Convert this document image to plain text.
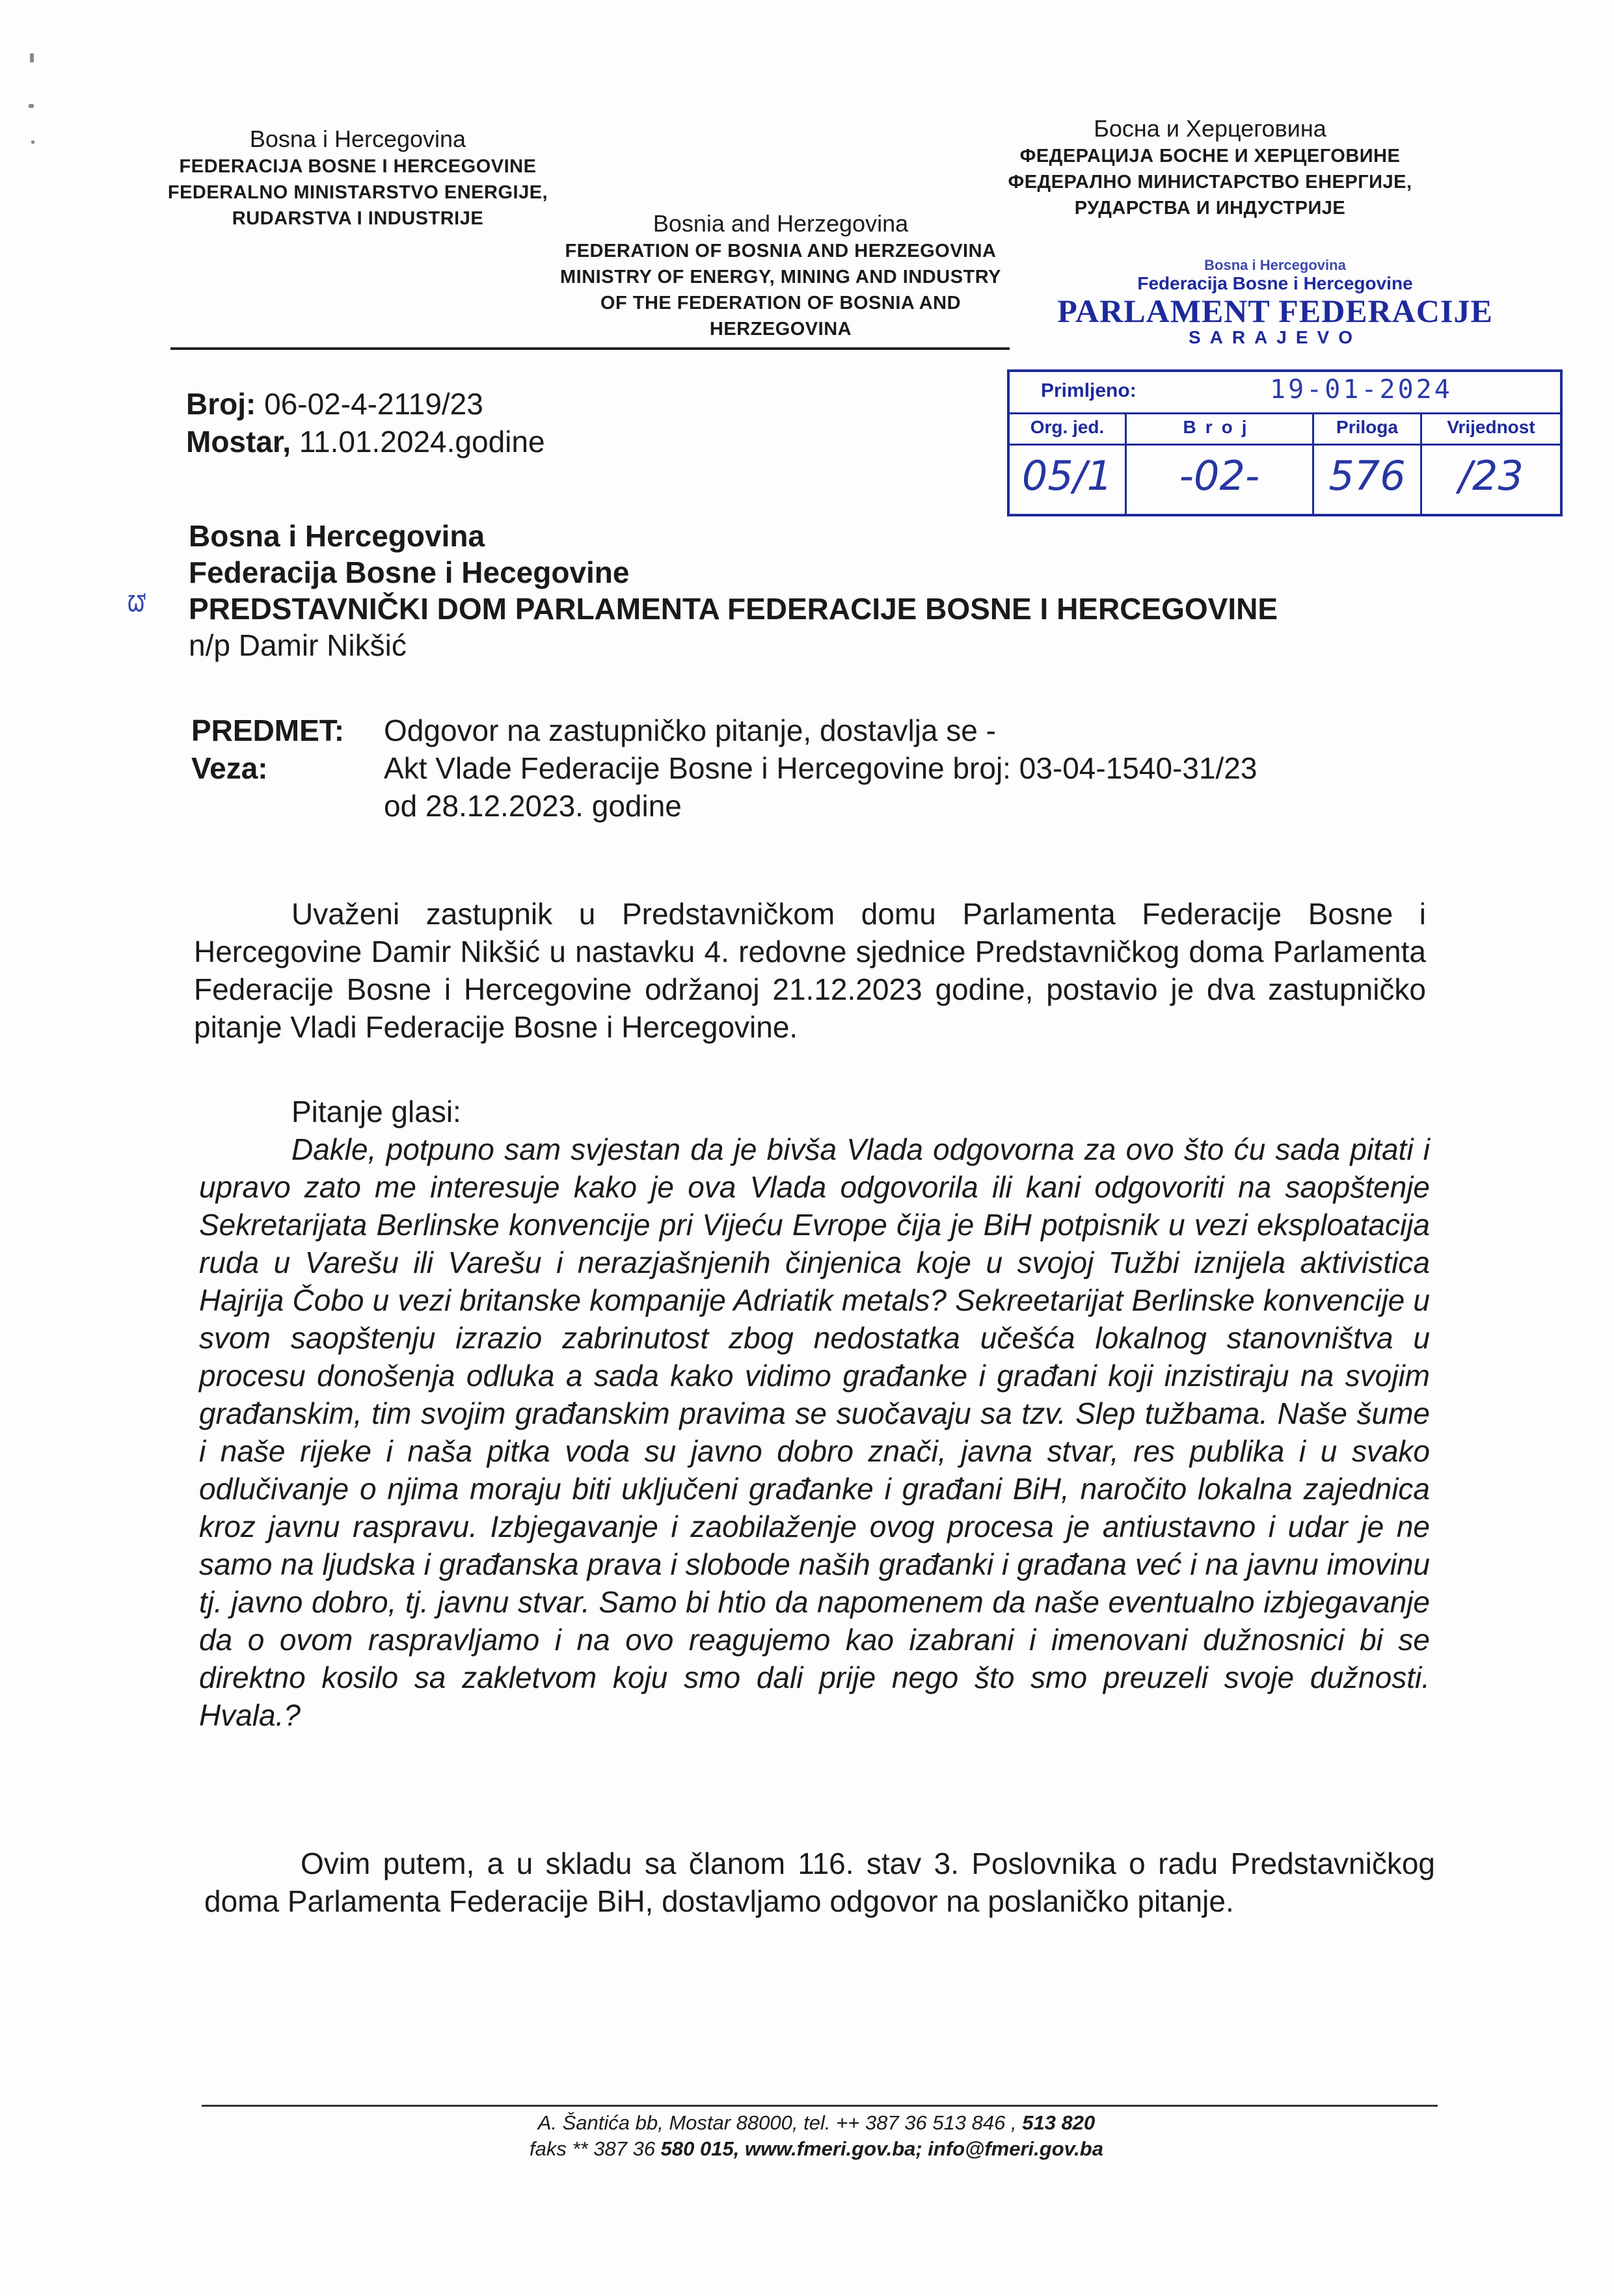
Bosna i Hercegovina
FEDERACIJA BOSNE I HERCEGOVINE
FEDERALNO MINISTARSTVO ENERGIJE,
RUDARSTVA I INDUSTRIJE	Bosnia and Herzegovina
FEDERATION OF BOSNIA AND HERZEGOVINA
MINISTRY OF ENERGY, MINING AND INDUSTRY
OF THE FEDERATION OF BOSNIA AND
HERZEGOVINA
Босна и Херцеговина
ФЕДЕРАЦИЈА БОСНЕ И ХЕРЦЕГОВИНЕ
ФЕДЕРАЛНО МИНИСТАРСТВО ЕНЕРГИЈЕ,
РУДАРСТВА И ИНДУСТРИЈЕ
Bosna i Hercegovina
Federacija Bosne i Hercegovine
PARLAMENT FEDERACIJE
SARAJEVO
Primljeno:	19-01-2024
Org. jed.	Broj	Priloga	Vrijednost
05/1	-02-	576	/23
Broj: 06-02-4-2119/23
Mostar, 11.01.2024.godine
ᘺ
Bosna i Hercegovina
Federacija Bosne i Hecegovine
PREDSTAVNIČKI DOM PARLAMENTA FEDERACIJE BOSNE I HERCEGOVINE
n/p Damir Nikšić
PREDMET: Odgovor na zastupničko pitanje, dostavlja se -
Veza:	Akt Vlade Federacije Bosne i Hercegovine broj: 03-04-1540-31/23
od 28.12.2023. godine
Uvaženi zastupnik u Predstavničkom domu Parlamenta Federacije Bosne i Hercegovine Damir Nikšić u nastavku 4. redovne sjednice Predstavničkog doma Parlamenta Federacije Bosne i Hercegovine održanoj 21.12.2023 godine, postavio je dva zastupničko pitanje Vladi Federacije Bosne i Hercegovine.
Pitanje glasi:
Dakle, potpuno sam svjestan da je bivša Vlada odgovorna za ovo što ću sada pitati i upravo zato me interesuje kako je ova Vlada odgovorila ili kani odgovoriti na saopštenje Sekretarijata Berlinske konvencije pri Vijeću Evrope čija je BiH potpisnik u vezi eksploatacija ruda u Varešu ili Varešu i nerazjašnjenih činjenica koje u svojoj Tužbi iznijela aktivistica Hajrija Čobo u vezi britanske kompanije Adriatik metals? Sekreetarijat Berlinske konvencije u svom saopštenju izrazio zabrinutost zbog nedostatka učešća lokalnog stanovništva u procesu donošenja odluka a sada kako vidimo građanke i građani koji inzistiraju na svojim građanskim, tim svojim građanskim pravima se suočavaju sa tzv. Slep tužbama. Naše šume i naše rijeke i naša pitka voda su javno dobro znači, javna stvar, res publika i u svako odlučivanje o njima moraju biti uključeni građanke i građani BiH, naročito lokalna zajednica kroz javnu raspravu. Izbjegavanje i zaobilaženje ovog procesa je antiustavno i udar je ne samo na ljudska i građanska prava i slobode naših građanki i građana već i na javnu imovinu tj. javno dobro, tj. javnu stvar. Samo bi htio da napomenem da naše eventualno izbjegavanje da o ovom raspravljamo i na ovo reagujemo kao izabrani i imenovani dužnosnici bi se direktno kosilo sa zakletvom koju smo dali prije nego što smo preuzeli svoje dužnosti. Hvala.?
Ovim putem, a u skladu sa članom 116. stav 3. Poslovnika o radu Predstavničkog doma Parlamenta Federacije BiH, dostavljamo odgovor na poslaničko pitanje.
A. Šantića bb, Mostar 88000, tel. ++ 387 36 513 846 , 513 820
faks ** 387 36 580 015, www.fmeri.gov.ba; info@fmeri.gov.ba
